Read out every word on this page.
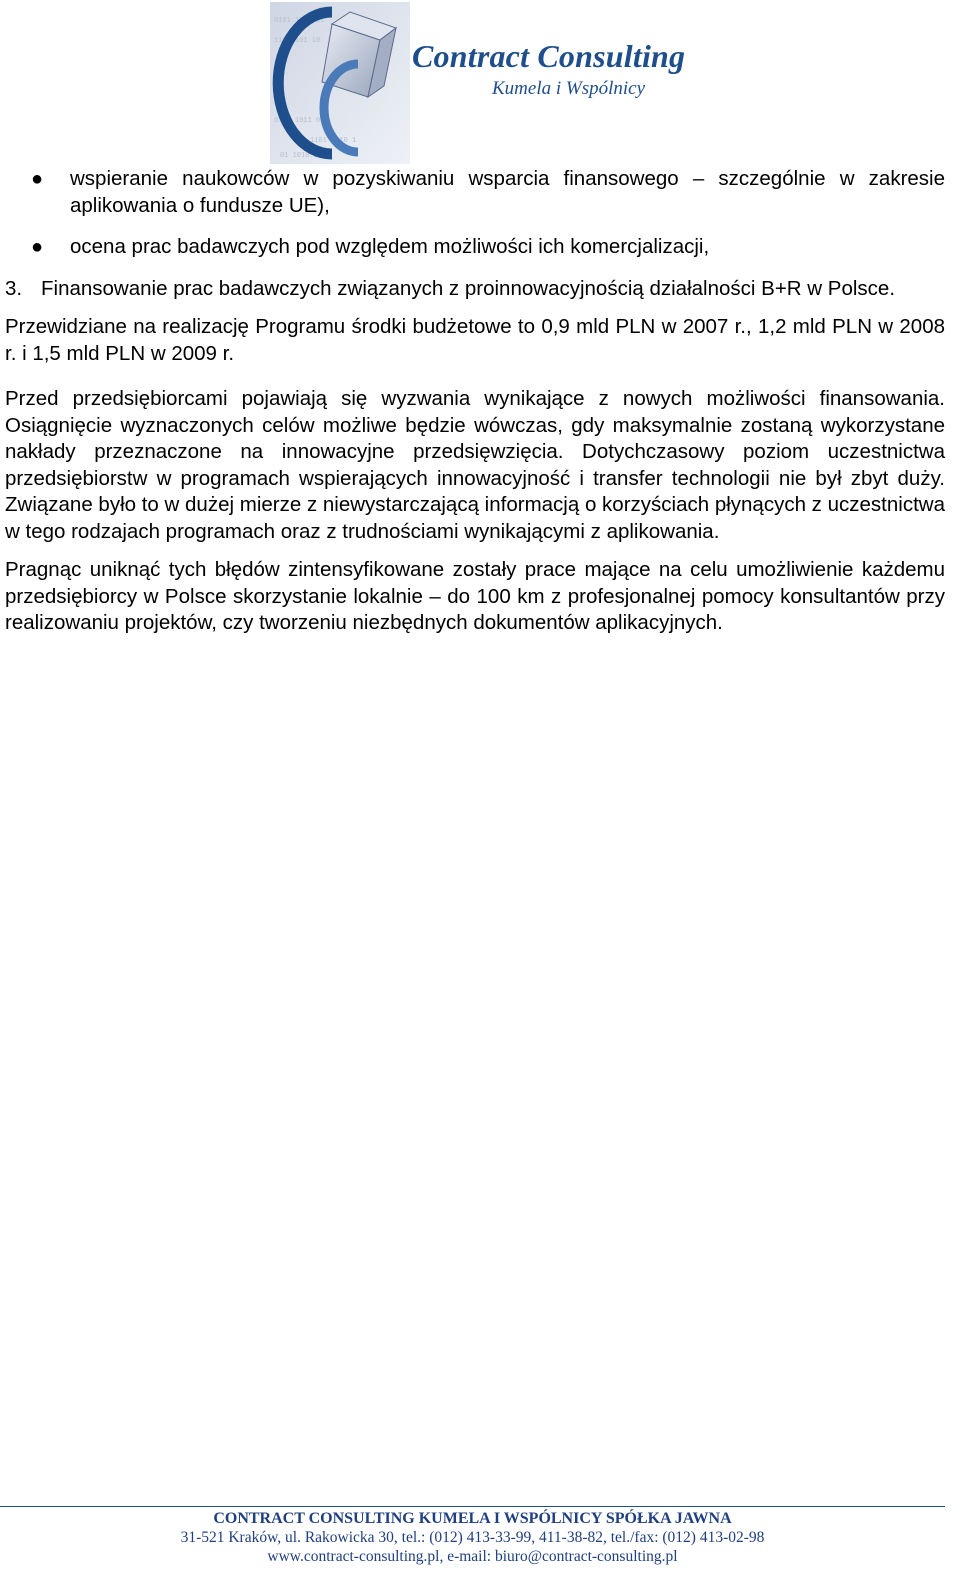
0101 1001 01
110 0101 10
0110 1011 0
1101 0010 1
01 1010 110
Contract Consulting
Kumela i Wspólnicy

● wspieranie naukowców w pozyskiwaniu wsparcia finansowego – szczególnie w zakresie aplikowania o fundusze UE),

● ocena prac badawczych pod względem możliwości ich komercjalizacji,

3. Finansowanie prac badawczych związanych z proinnowacyjnością działalności B+R w Polsce.

Przewidziane na realizację Programu środki budżetowe to 0,9 mld PLN w 2007 r., 1,2 mld PLN w 2008 r. i 1,5 mld PLN w 2009 r.

Przed przedsiębiorcami pojawiają się wyzwania wynikające z nowych możliwości finansowania. Osiągnięcie wyznaczonych celów możliwe będzie wówczas, gdy maksymalnie zostaną wykorzystane nakłady przeznaczone na innowacyjne przedsięwzięcia. Dotychczasowy poziom uczestnictwa przedsiębiorstw w programach wspierających innowacyjność i transfer technologii nie był zbyt duży. Związane było to w dużej mierze z niewystarczającą informacją o korzyściach płynących z uczestnictwa w tego rodzajach programach oraz z trudnościami wynikającymi z aplikowania.

Pragnąc uniknąć tych błędów zintensyfikowane zostały prace mające na celu umożliwienie każdemu przedsiębiorcy w Polsce skorzystanie lokalnie – do 100 km z profesjonalnej pomocy konsultantów przy realizowaniu projektów, czy tworzeniu niezbędnych dokumentów aplikacyjnych.

CONTRACT CONSULTING KUMELA I WSPÓLNICY SPÓŁKA JAWNA
31-521 Kraków, ul. Rakowicka 30, tel.: (012) 413-33-99, 411-38-82, tel./fax: (012) 413-02-98
www.contract-consulting.pl, e-mail: biuro@contract-consulting.pl
